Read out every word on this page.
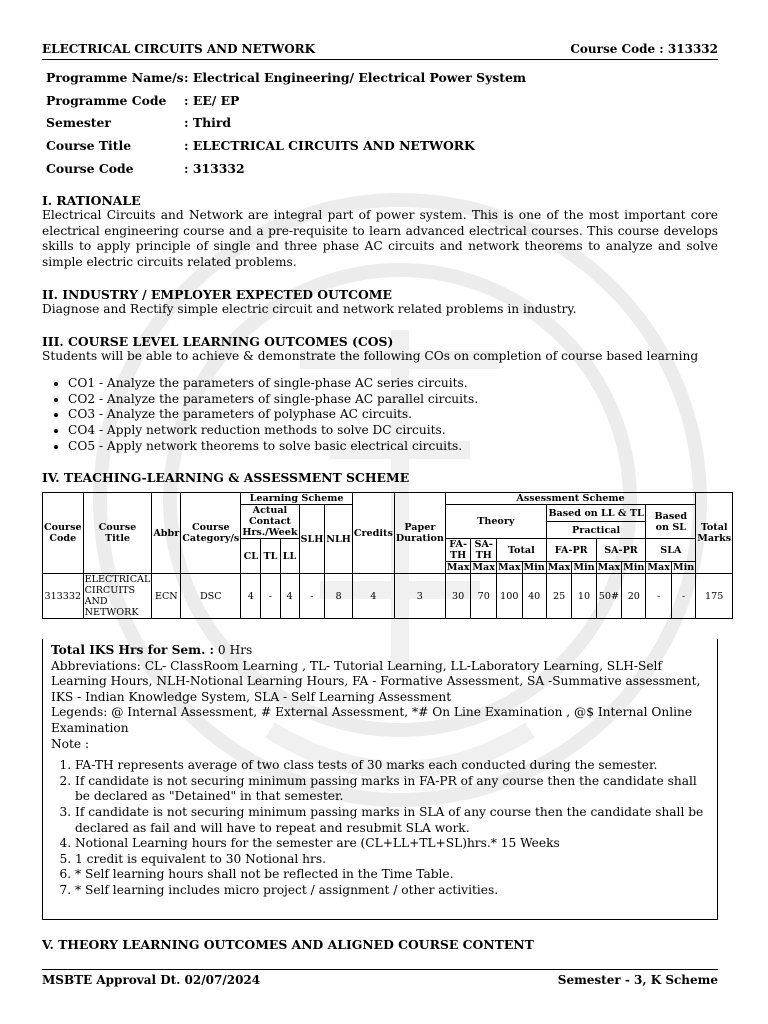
ELECTRICAL CIRCUITS AND NETWORK	Course Code : 313332
Programme Name/s : Electrical Engineering/ Electrical Power System
Programme Code	: EE/ EP
Semester	: Third
Course Title	: ELECTRICAL CIRCUITS AND NETWORK
Course Code	: 313332
I. RATIONALE
Electrical Circuits and Network are integral part of power system. This is one of the most important core electrical engineering course and a pre-requisite to learn advanced electrical courses. This course develops skills to apply principle of single and three phase AC circuits and network theorems to analyze and solve simple electric circuits related problems.
II. INDUSTRY / EMPLOYER EXPECTED OUTCOME
Diagnose and Rectify simple electric circuit and network related problems in industry.
III. COURSE LEVEL LEARNING OUTCOMES (COS)
Students will be able to achieve & demonstrate the following COs on completion of course based learning
• CO1 - Analyze the parameters of single-phase AC series circuits.
• CO2 - Analyze the parameters of single-phase AC parallel circuits.
• CO3 - Analyze the parameters of polyphase AC circuits.
• CO4 - Apply network reduction methods to solve DC circuits.
• CO5 - Apply network theorems to solve basic electrical circuits.
IV. TEACHING-LEARNING & ASSESSMENT SCHEME
Course Code	Course Title	Abbr	Course Category/s	Learning Scheme					Credits	Paper Duration	Assessment Scheme										Total Marks
				Actual Contact Hrs./Week			SLH	NLH			Theory				Based on LL & TL				Based on SL		
															Practical						
				CL	TL	LL					FA-TH	SA-TH	Total		FA-PR		SA-PR		SLA		
											Max	Max	Max	Min	Max	Min	Max	Min	Max	Min	
313332	ELECTRICAL CIRCUITS AND NETWORK	ECN	DSC	4	-	4	-	8	4	3	30	70	100	40	25	10	50#	20	-	-	175
Total IKS Hrs for Sem. : 0 Hrs
Abbreviations: CL- ClassRoom Learning , TL- Tutorial Learning, LL-Laboratory Learning, SLH-Self Learning Hours, NLH-Notional Learning Hours, FA - Formative Assessment, SA -Summative assessment, IKS - Indian Knowledge System, SLA - Self Learning Assessment
Legends: @ Internal Assessment, # External Assessment, *# On Line Examination , @$ Internal Online Examination
Note :
1. FA-TH represents average of two class tests of 30 marks each conducted during the semester.
2. If candidate is not securing minimum passing marks in FA-PR of any course then the candidate shall be declared as "Detained" in that semester.
3. If candidate is not securing minimum passing marks in SLA of any course then the candidate shall be declared as fail and will have to repeat and resubmit SLA work.
4. Notional Learning hours for the semester are (CL+LL+TL+SL)hrs.* 15 Weeks
5. 1 credit is equivalent to 30 Notional hrs.
6. * Self learning hours shall not be reflected in the Time Table.
7. * Self learning includes micro project / assignment / other activities.
V. THEORY LEARNING OUTCOMES AND ALIGNED COURSE CONTENT
MSBTE Approval Dt. 02/07/2024	Semester - 3, K Scheme
